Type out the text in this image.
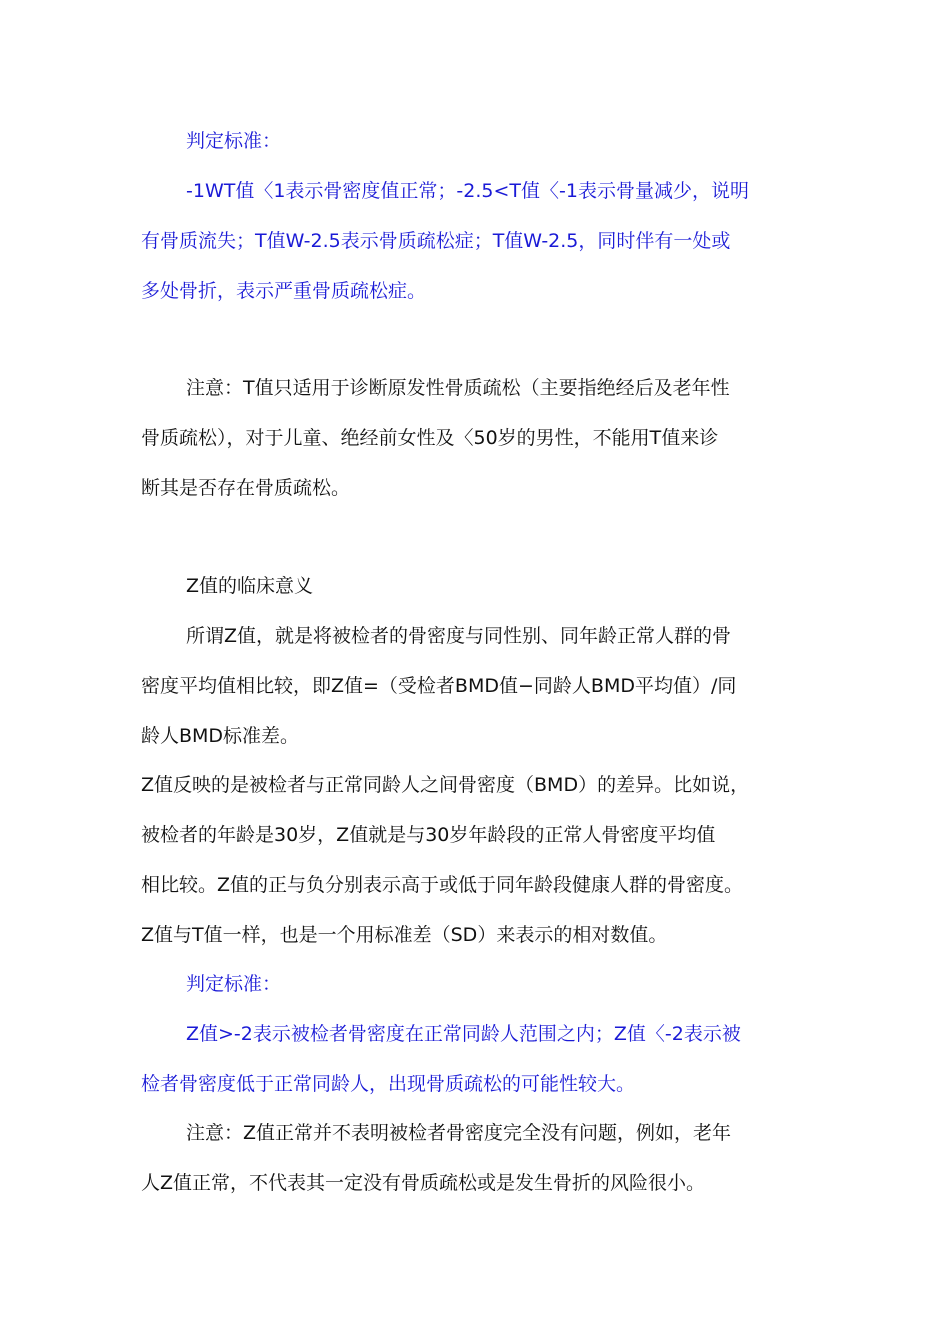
判定标准：

-1WT值〈1表示骨密度值正常；-2.5<T值〈-1表示骨量减少，说明

有骨质流失；T值W-2.5表示骨质疏松症；T值W-2.5，同时伴有一处或

多处骨折，表示严重骨质疏松症。

注意：T值只适用于诊断原发性骨质疏松（主要指绝经后及老年性

骨质疏松），对于儿童、绝经前女性及〈50岁的男性，不能用T值来诊

断其是否存在骨质疏松。

Z值的临床意义

所谓Z值，就是将被检者的骨密度与同性别、同年龄正常人群的骨

密度平均值相比较，即Z值=（受检者BMD值−同龄人BMD平均值）/同

龄人BMD标准差。

Z值反映的是被检者与正常同龄人之间骨密度（BMD）的差异。比如说，

被检者的年龄是30岁，Z值就是与30岁年龄段的正常人骨密度平均值

相比较。Z值的正与负分别表示高于或低于同年龄段健康人群的骨密度。

Z值与T值一样，也是一个用标准差（SD）来表示的相对数值。

判定标准：

Z值>-2表示被检者骨密度在正常同龄人范围之内；Z值〈-2表示被

检者骨密度低于正常同龄人，出现骨质疏松的可能性较大。

注意：Z值正常并不表明被检者骨密度完全没有问题，例如，老年

人Z值正常，不代表其一定没有骨质疏松或是发生骨折的风险很小。
